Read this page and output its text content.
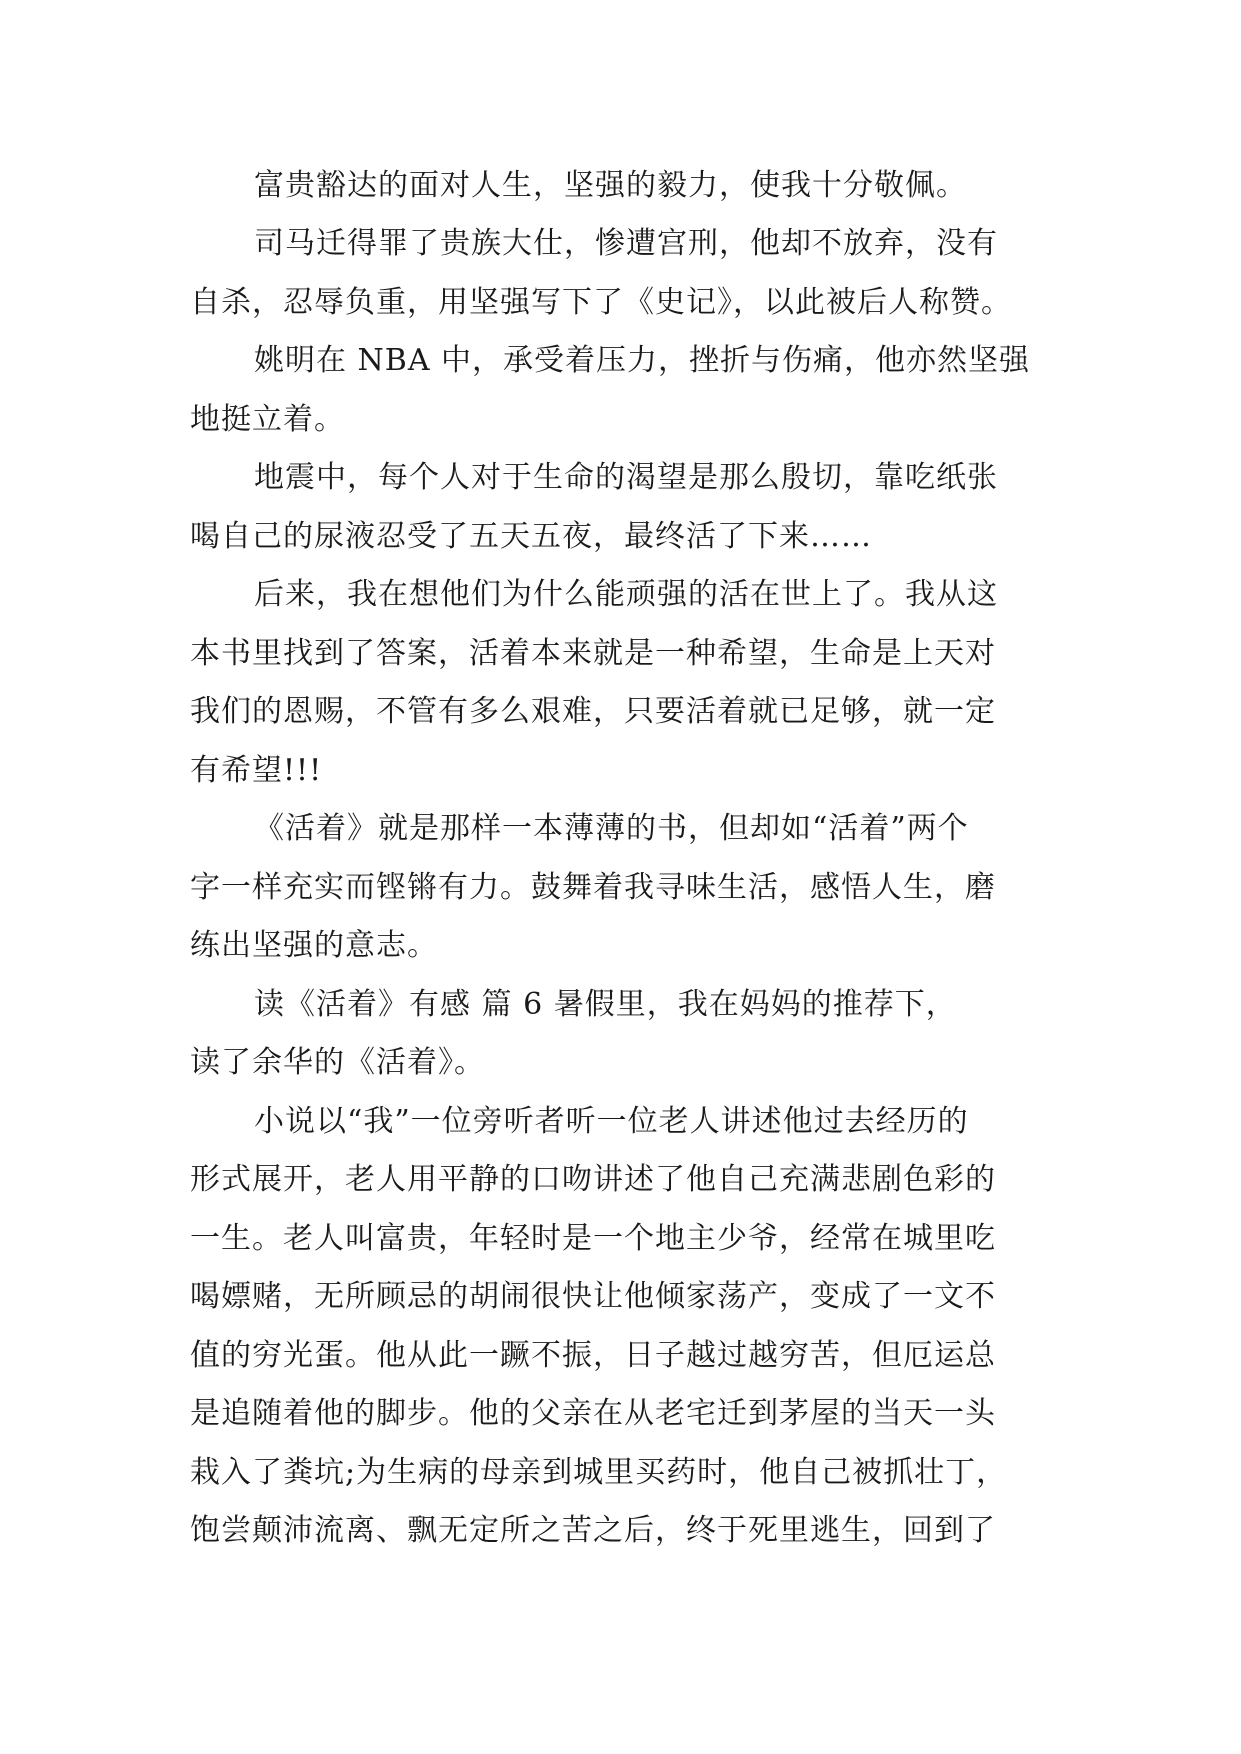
富贵豁达的面对人生，坚强的毅力，使我十分敬佩。
司马迁得罪了贵族大仕，惨遭宫刑，他却不放弃，没有
自杀，忍辱负重，用坚强写下了《史记》，以此被后人称赞。
姚明在 NBA 中，承受着压力，挫折与伤痛，他亦然坚强
地挺立着。
地震中，每个人对于生命的渴望是那么殷切，靠吃纸张
喝自己的尿液忍受了五天五夜，最终活了下来……
后来，我在想他们为什么能顽强的活在世上了。我从这
本书里找到了答案，活着本来就是一种希望，生命是上天对
我们的恩赐，不管有多么艰难，只要活着就已足够，就一定
有希望!!!
《活着》就是那样一本薄薄的书，但却如“活着”两个
字一样充实而铿锵有力。鼓舞着我寻味生活，感悟人生，磨
练出坚强的意志。
读《活着》有感 篇 6 暑假里，我在妈妈的推荐下，
读了余华的《活着》。
小说以“我”一位旁听者听一位老人讲述他过去经历的
形式展开，老人用平静的口吻讲述了他自己充满悲剧色彩的
一生。老人叫富贵，年轻时是一个地主少爷，经常在城里吃
喝嫖赌，无所顾忌的胡闹很快让他倾家荡产，变成了一文不
值的穷光蛋。他从此一蹶不振，日子越过越穷苦，但厄运总
是追随着他的脚步。他的父亲在从老宅迁到茅屋的当天一头
栽入了粪坑;为生病的母亲到城里买药时，他自己被抓壮丁，
饱尝颠沛流离、飘无定所之苦之后，终于死里逃生，回到了
